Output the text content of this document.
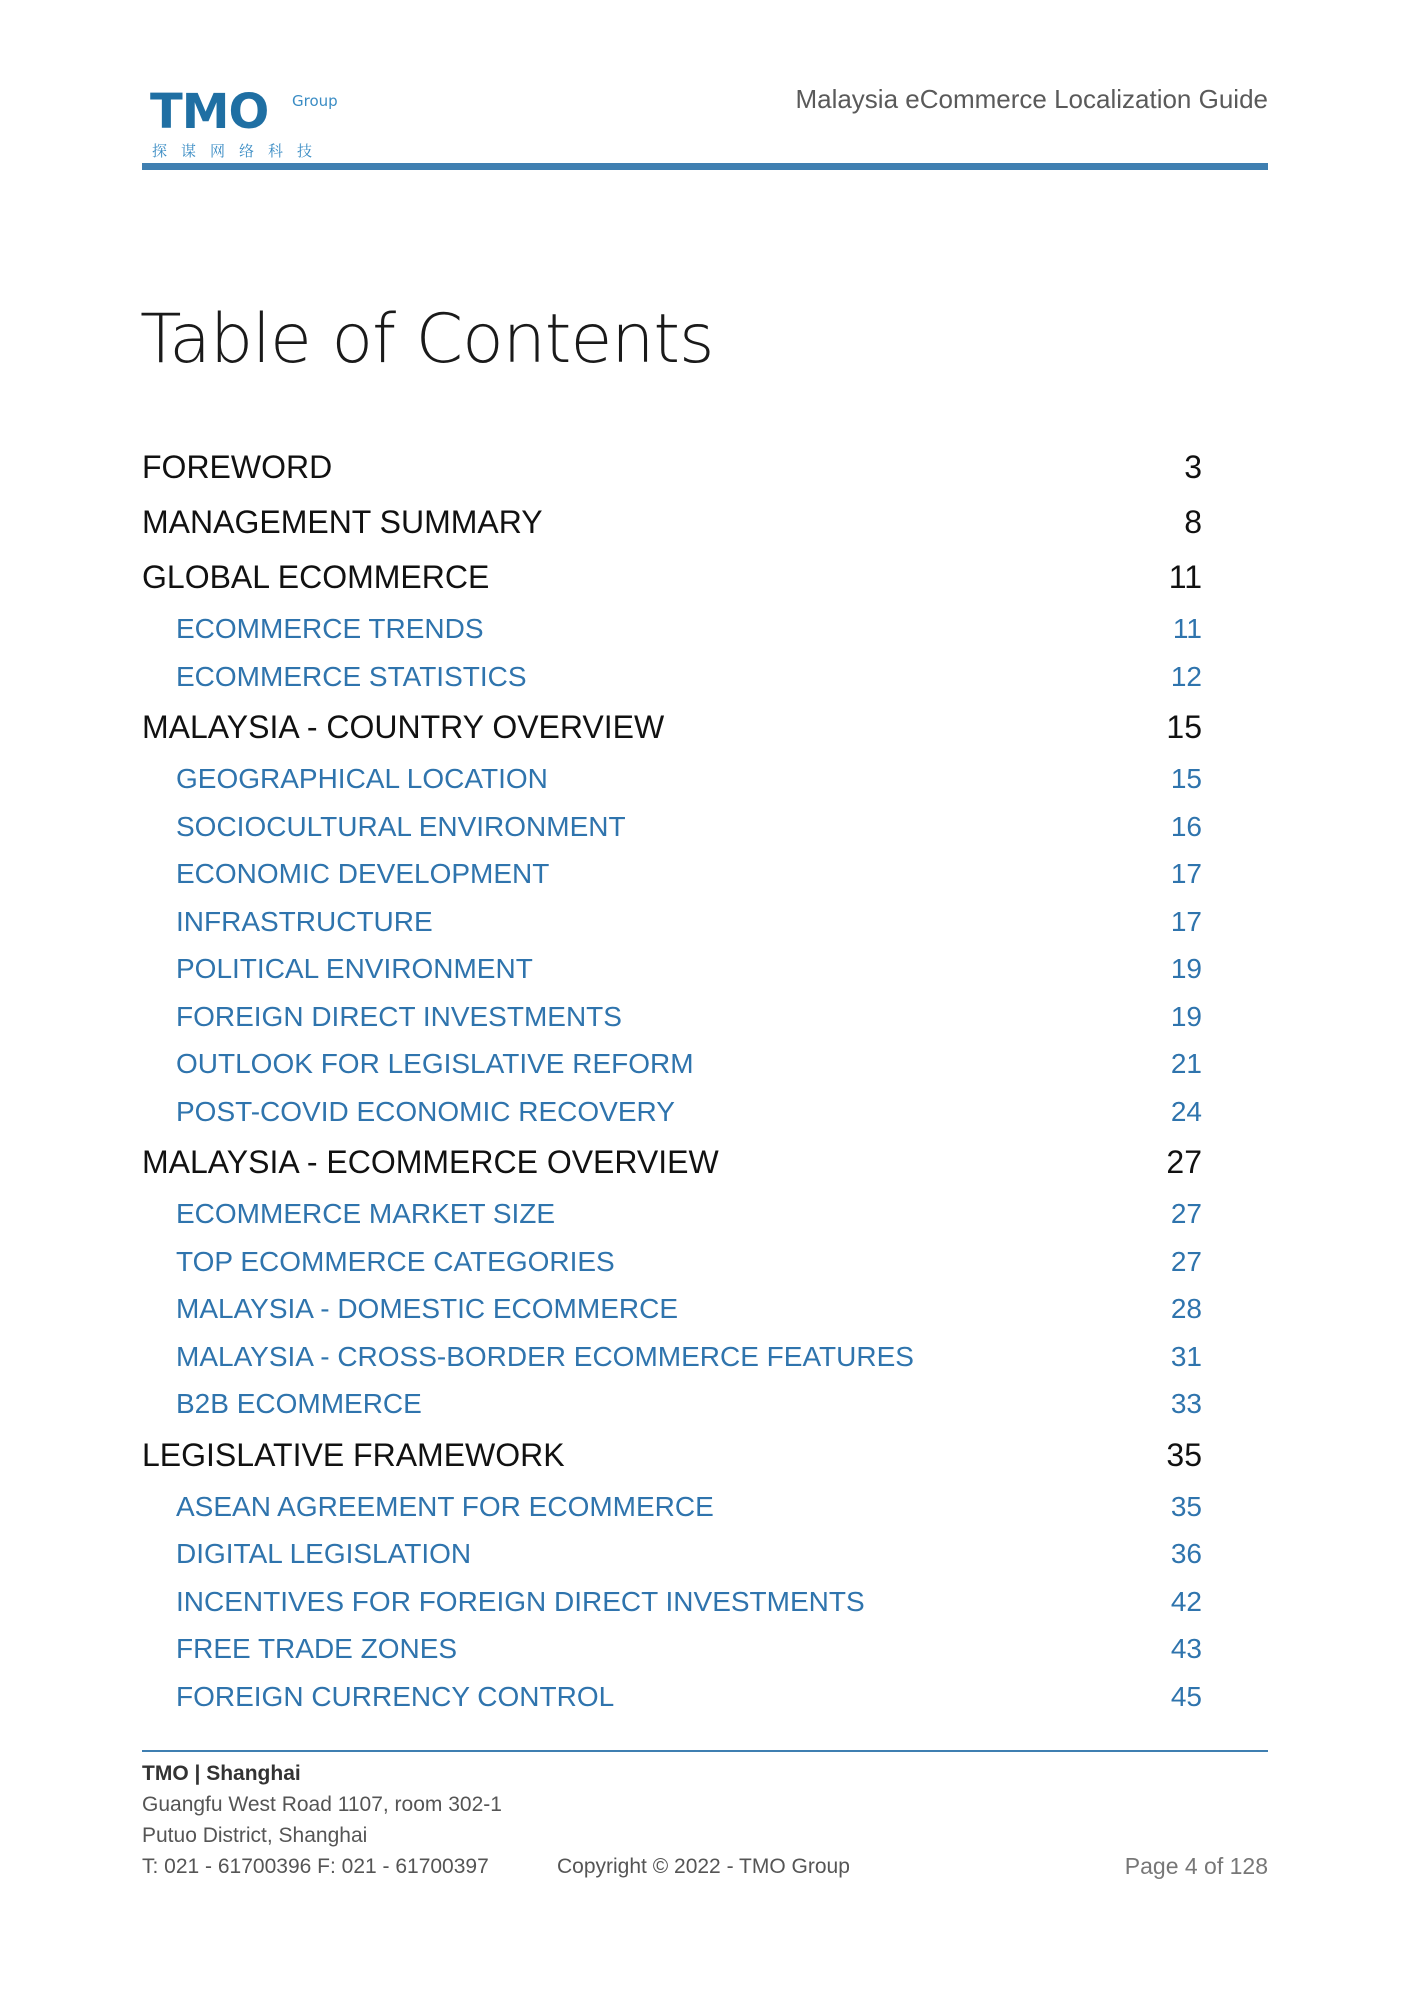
TMO Group
探谋网络科技
Malaysia eCommerce Localization Guide
Table of Contents
FOREWORD	3
MANAGEMENT SUMMARY	8
GLOBAL ECOMMERCE	11
ECOMMERCE TRENDS	11
ECOMMERCE STATISTICS	12
MALAYSIA - COUNTRY OVERVIEW	15
GEOGRAPHICAL LOCATION	15
SOCIOCULTURAL ENVIRONMENT	16
ECONOMIC DEVELOPMENT	17
INFRASTRUCTURE	17
POLITICAL ENVIRONMENT	19
FOREIGN DIRECT INVESTMENTS	19
OUTLOOK FOR LEGISLATIVE REFORM	21
POST-COVID ECONOMIC RECOVERY	24
MALAYSIA - ECOMMERCE OVERVIEW	27
ECOMMERCE MARKET SIZE	27
TOP ECOMMERCE CATEGORIES	27
MALAYSIA - DOMESTIC ECOMMERCE	28
MALAYSIA - CROSS-BORDER ECOMMERCE FEATURES	31
B2B ECOMMERCE	33
LEGISLATIVE FRAMEWORK	35
ASEAN AGREEMENT FOR ECOMMERCE	35
DIGITAL LEGISLATION	36
INCENTIVES FOR FOREIGN DIRECT INVESTMENTS	42
FREE TRADE ZONES	43
FOREIGN CURRENCY CONTROL	45
TMO | Shanghai
Guangfu West Road 1107, room 302-1
Putuo District, Shanghai
T: 021 - 61700396 F: 021 - 61700397	Copyright © 2022 - TMO Group	Page 4 of 128
